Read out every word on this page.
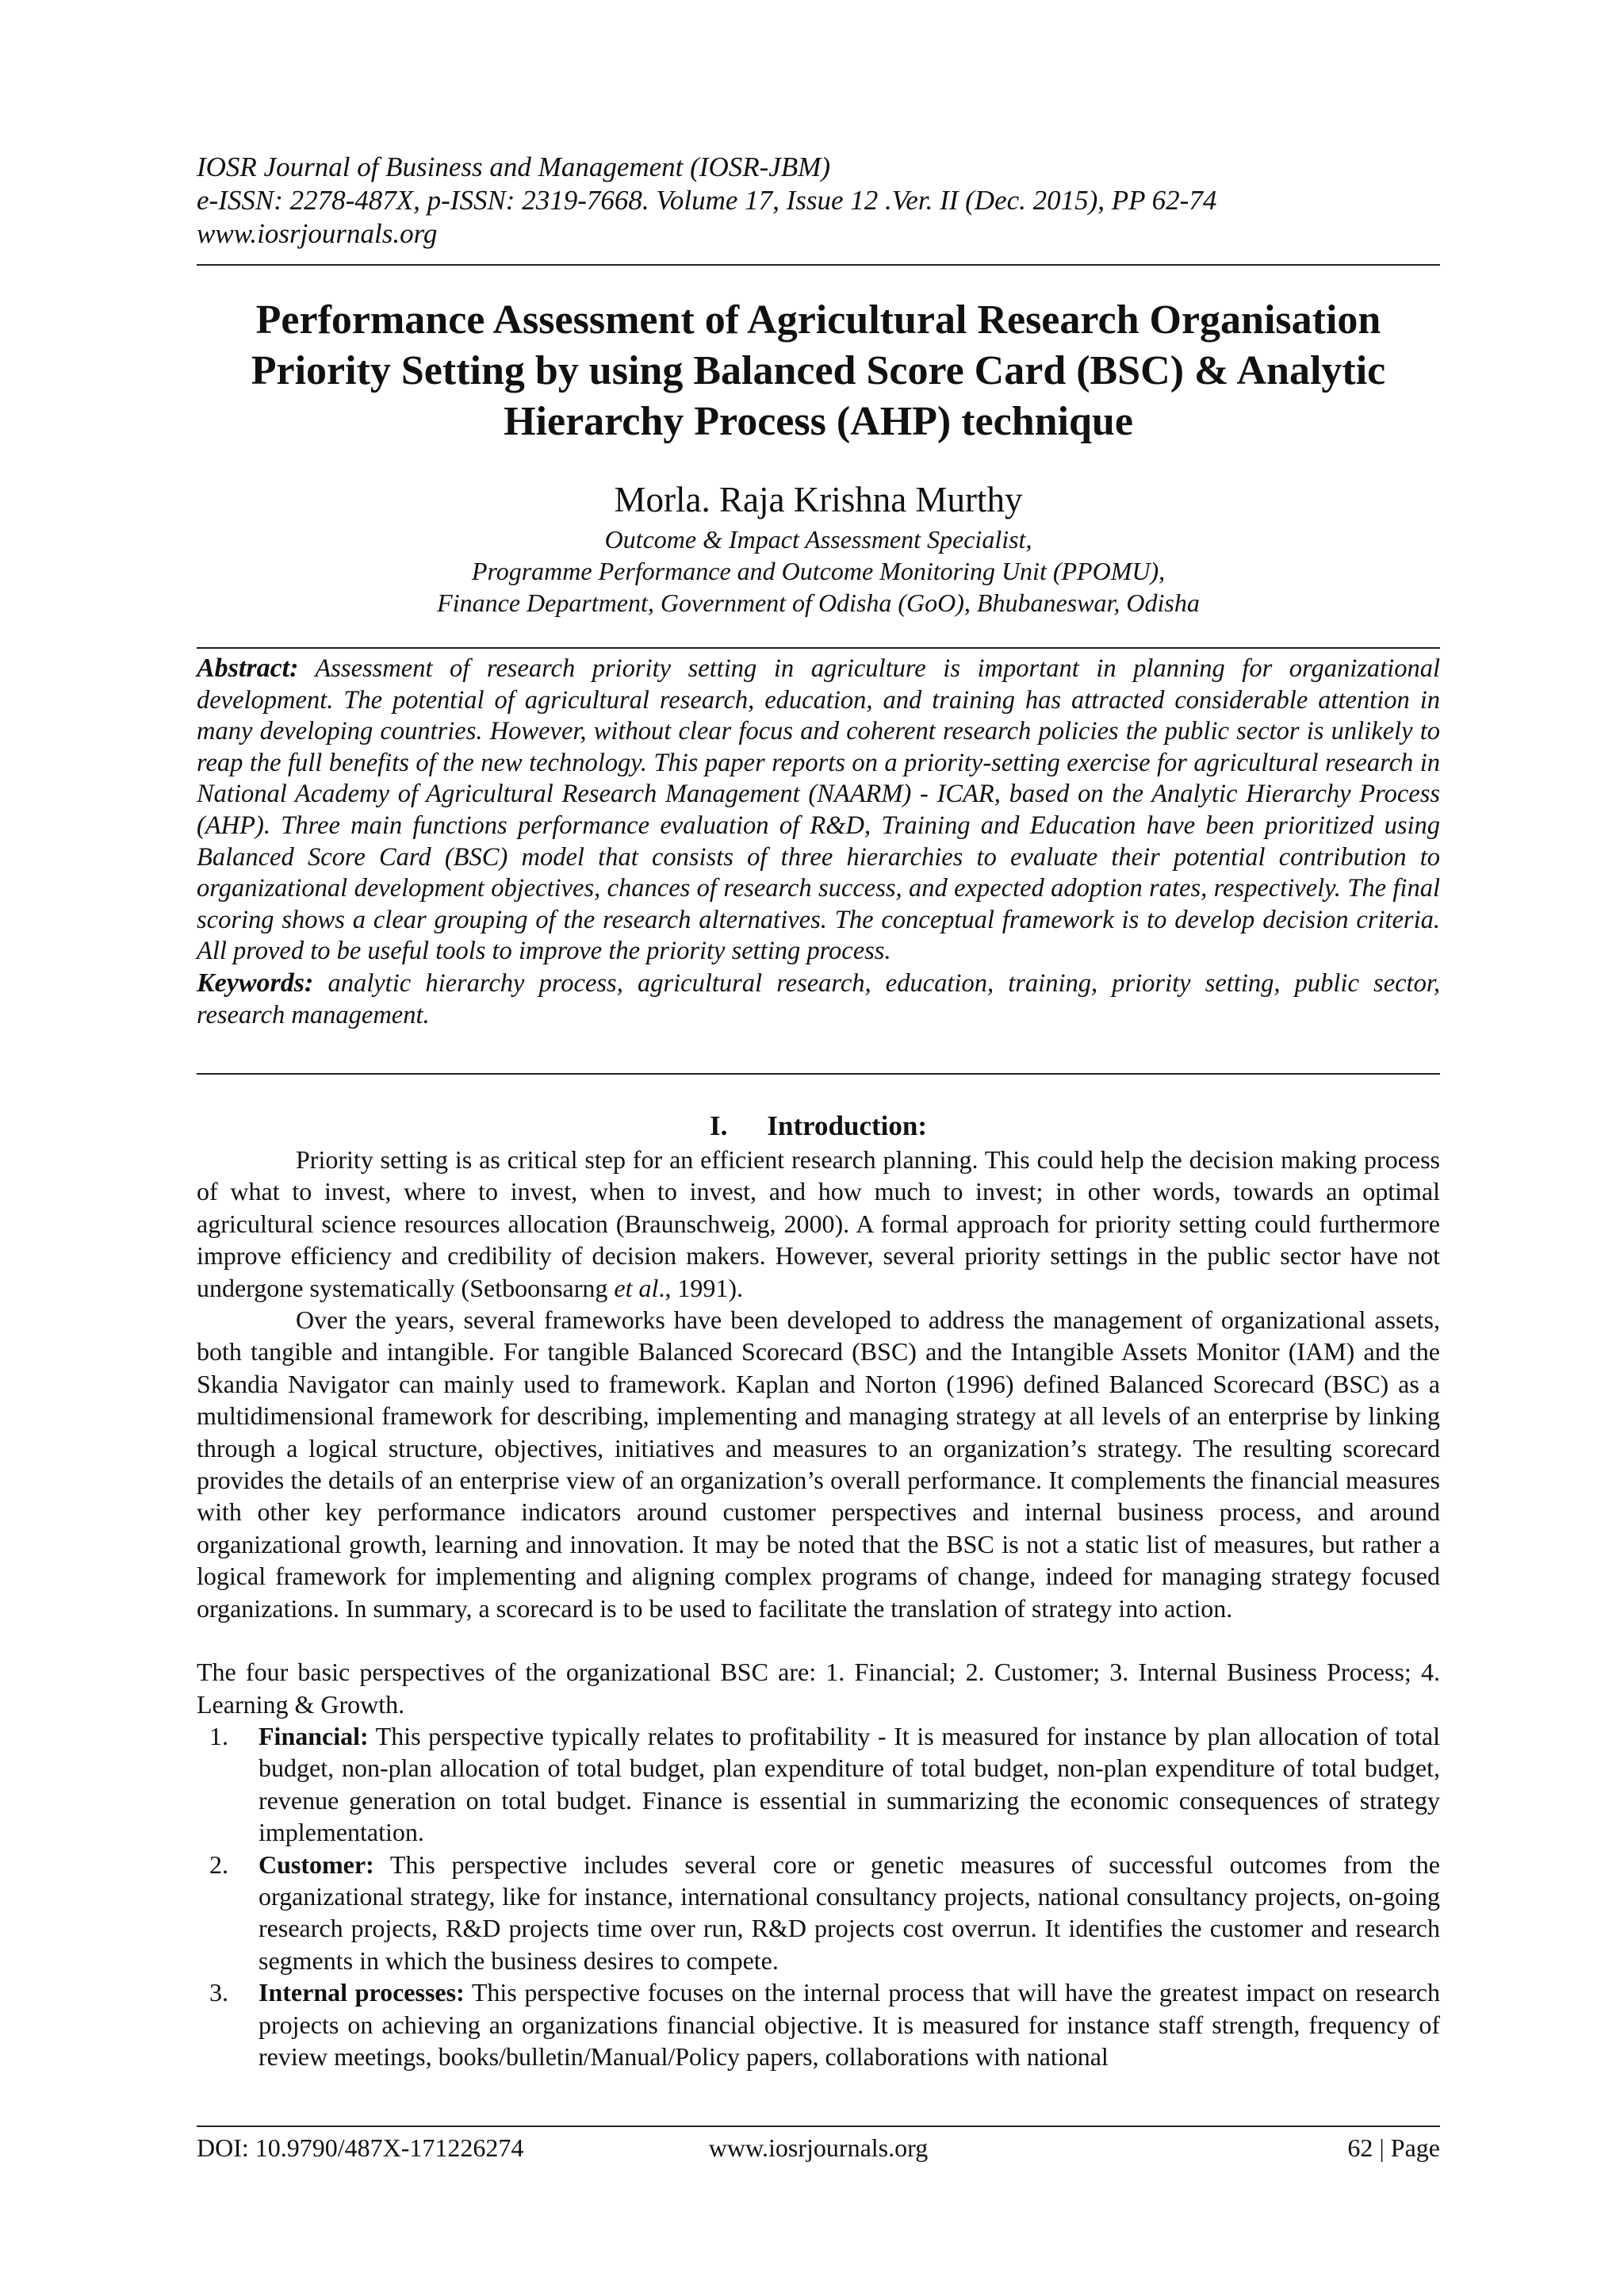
IOSR Journal of Business and Management (IOSR-JBM)
e-ISSN: 2278-487X, p-ISSN: 2319-7668. Volume 17, Issue 12 .Ver. II (Dec. 2015), PP 62-74
www.iosrjournals.org
Performance Assessment of Agricultural Research Organisation
Priority Setting by using Balanced Score Card (BSC) & Analytic
Hierarchy Process (AHP) technique
Morla. Raja Krishna Murthy
Outcome & Impact Assessment Specialist,
Programme Performance and Outcome Monitoring Unit (PPOMU),
Finance Department, Government of Odisha (GoO), Bhubaneswar, Odisha

Abstract: Assessment of research priority setting in agriculture is important in planning for organizational development. The potential of agricultural research, education, and training has attracted considerable attention in many developing countries. However, without clear focus and coherent research policies the public sector is unlikely to reap the full benefits of the new technology. This paper reports on a priority-setting exercise for agricultural research in National Academy of Agricultural Research Management (NAARM) - ICAR, based on the Analytic Hierarchy Process (AHP). Three main functions performance evaluation of R&D, Training and Education have been prioritized using Balanced Score Card (BSC) model that consists of three hierarchies to evaluate their potential contribution to organizational development objectives, chances of research success, and expected adoption rates, respectively. The final scoring shows a clear grouping of the research alternatives. The conceptual framework is to develop decision criteria. All proved to be useful tools to improve the priority setting process.

Keywords: analytic hierarchy process, agricultural research, education, training, priority setting, public sector, research management.

I. Introduction:

Priority setting is as critical step for an efficient research planning. This could help the decision making process of what to invest, where to invest, when to invest, and how much to invest; in other words, towards an optimal agricultural science resources allocation (Braunschweig, 2000). A formal approach for priority setting could furthermore improve efficiency and credibility of decision makers. However, several priority settings in the public sector have not undergone systematically (Setboonsarng et al., 1991).

Over the years, several frameworks have been developed to address the management of organizational assets, both tangible and intangible. For tangible Balanced Scorecard (BSC) and the Intangible Assets Monitor (IAM) and the Skandia Navigator can mainly used to framework. Kaplan and Norton (1996) defined Balanced Scorecard (BSC) as a multidimensional framework for describing, implementing and managing strategy at all levels of an enterprise by linking through a logical structure, objectives, initiatives and measures to an organization’s strategy. The resulting scorecard provides the details of an enterprise view of an organization’s overall performance. It complements the financial measures with other key performance indicators around customer perspectives and internal business process, and around organizational growth, learning and innovation. It may be noted that the BSC is not a static list of measures, but rather a logical framework for implementing and aligning complex programs of change, indeed for managing strategy focused organizations. In summary, a scorecard is to be used to facilitate the translation of strategy into action.

The four basic perspectives of the organizational BSC are: 1. Financial; 2. Customer; 3. Internal Business Process; 4. Learning & Growth.

1. Financial: This perspective typically relates to profitability - It is measured for instance by plan allocation of total budget, non-plan allocation of total budget, plan expenditure of total budget, non-plan expenditure of total budget, revenue generation on total budget. Finance is essential in summarizing the economic consequences of strategy implementation.
2. Customer: This perspective includes several core or genetic measures of successful outcomes from the organizational strategy, like for instance, international consultancy projects, national consultancy projects, on-going research projects, R&D projects time over run, R&D projects cost overrun. It identifies the customer and research segments in which the business desires to compete.
3. Internal processes: This perspective focuses on the internal process that will have the greatest impact on research projects on achieving an organizations financial objective. It is measured for instance staff strength, frequency of review meetings, books/bulletin/Manual/Policy papers, collaborations with national
www.iosrjournals.org
DOI: 10.9790/487X-171226274	62 | Page
